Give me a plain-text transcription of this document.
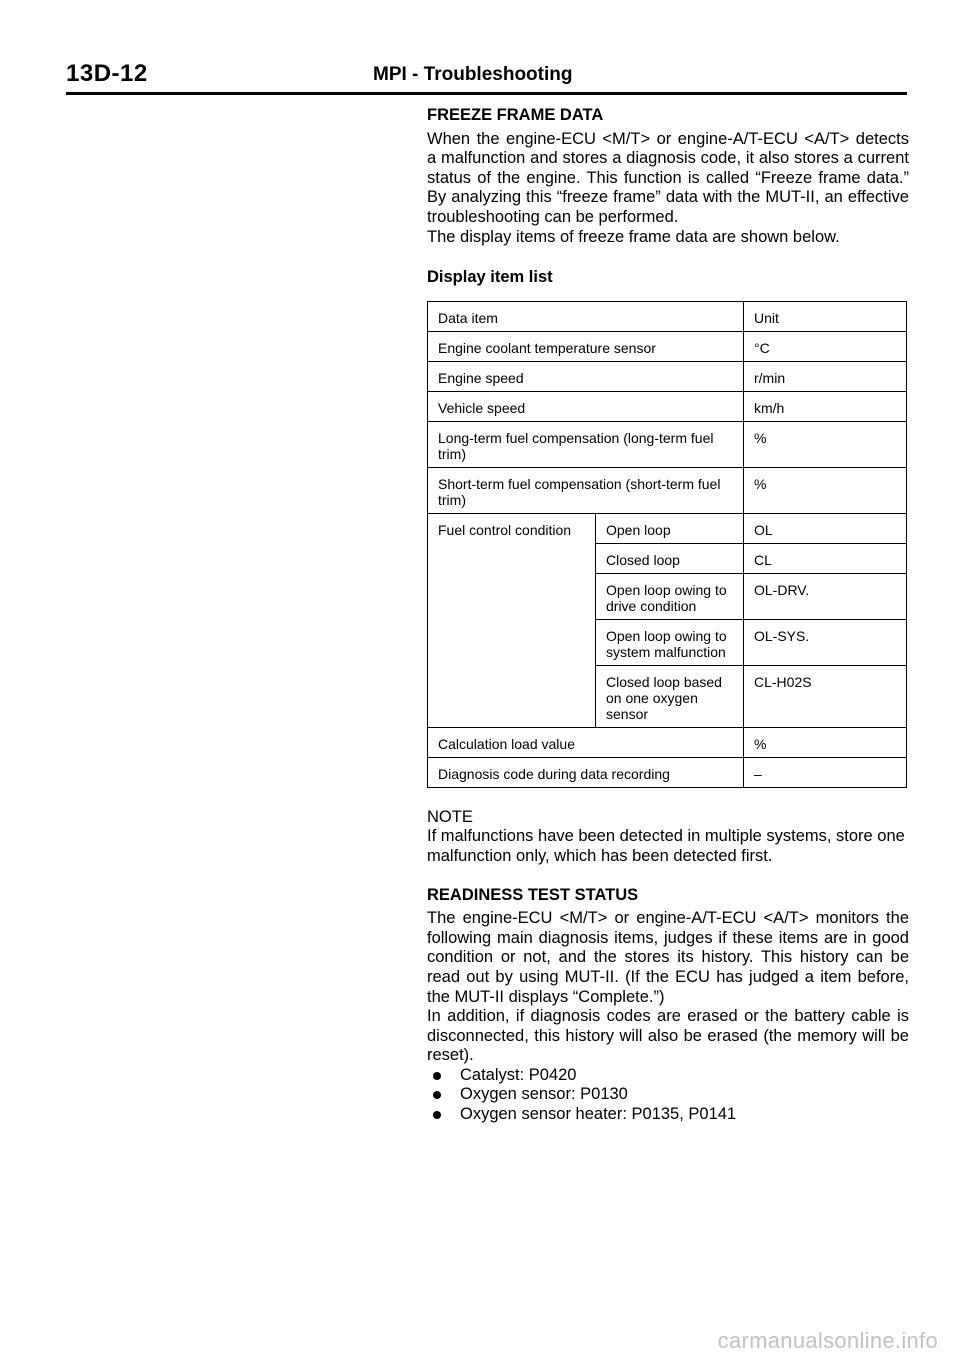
13D-12	MPI - Troubleshooting
FREEZE FRAME DATA

When the engine-ECU <M/T> or engine-A/T-ECU <A/T> detects a malfunction and stores a diagnosis code, it also stores a current status of the engine. This function is called “Freeze frame data.” By analyzing this “freeze frame” data with the MUT-II, an effective troubleshooting can be performed.

The display items of freeze frame data are shown below.

Display item list
Data item		Unit
Engine coolant temperature sensor		°C
Engine speed		r/min
Vehicle speed		km/h
Long-term fuel compensation (long-term fuel trim)		%
Short-term fuel compensation (short-term fuel trim)		%
Fuel control condition	Open loop	OL
	Closed loop	CL
	Open loop owing to drive condition	OL-DRV.
	Open loop owing to system malfunction	OL-SYS.
	Closed loop based on one oxygen sensor	CL-H02S
Calculation load value		%
Diagnosis code during data recording		–
NOTE

If malfunctions have been detected in multiple systems, store one malfunction only, which has been detected first.

READINESS TEST STATUS

The engine-ECU <M/T> or engine-A/T-ECU <A/T> monitors the following main diagnosis items, judges if these items are in good condition or not, and the stores its history. This history can be read out by using MUT-II. (If the ECU has judged a item before, the MUT-II displays “Complete.”)

In addition, if diagnosis codes are erased or the battery cable is disconnected, this history will also be erased (the memory will be reset).

Catalyst: P0420
Oxygen sensor: P0130
Oxygen sensor heater: P0135, P0141
carmanualsonline.info
